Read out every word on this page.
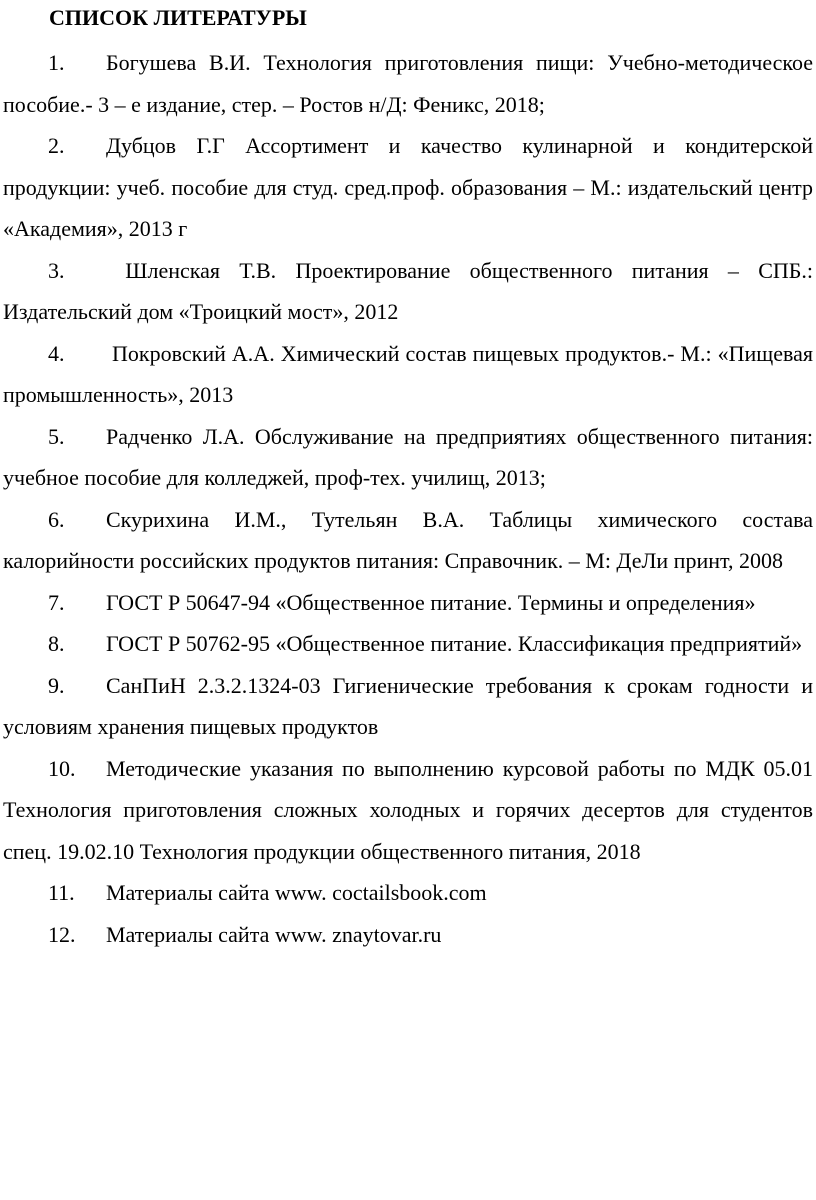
СПИСОК ЛИТЕРАТУРЫ

1. Богушева В.И. Технология приготовления пищи: Учебно-методическое пособие.- 3 – е издание, стер. – Ростов н/Д: Феникс, 2018;

2. Дубцов Г.Г Ассортимент и качество кулинарной и кондитерской продукции: учеб. пособие для студ. сред.проф. образования – М.: издательский центр «Академия», 2013 г

3. Шленская Т.В. Проектирование общественного питания – СПБ.: Издательский дом «Троицкий мост», 2012

4. Покровский А.А. Химический состав пищевых продуктов.- М.: «Пищевая промышленность», 2013

5. Радченко Л.А. Обслуживание на предприятиях общественного питания: учебное пособие для колледжей, проф-тех. училищ, 2013;

6. Скурихина И.М., Тутельян В.А. Таблицы химического состава калорийности российских продуктов питания: Справочник. – М: ДеЛи принт, 2008

7. ГОСТ Р 50647-94 «Общественное питание. Термины и определения»

8. ГОСТ Р 50762-95 «Общественное питание. Классификация предприятий»

9. СанПиН 2.3.2.1324-03 Гигиенические требования к срокам годности и условиям хранения пищевых продуктов

10. Методические указания по выполнению курсовой работы по МДК 05.01 Технология приготовления сложных холодных и горячих десертов для студентов спец. 19.02.10 Технология продукции общественного питания, 2018

11. Материалы сайта www. coctailsbook.com

12. Материалы сайта www. znaytovar.ru
